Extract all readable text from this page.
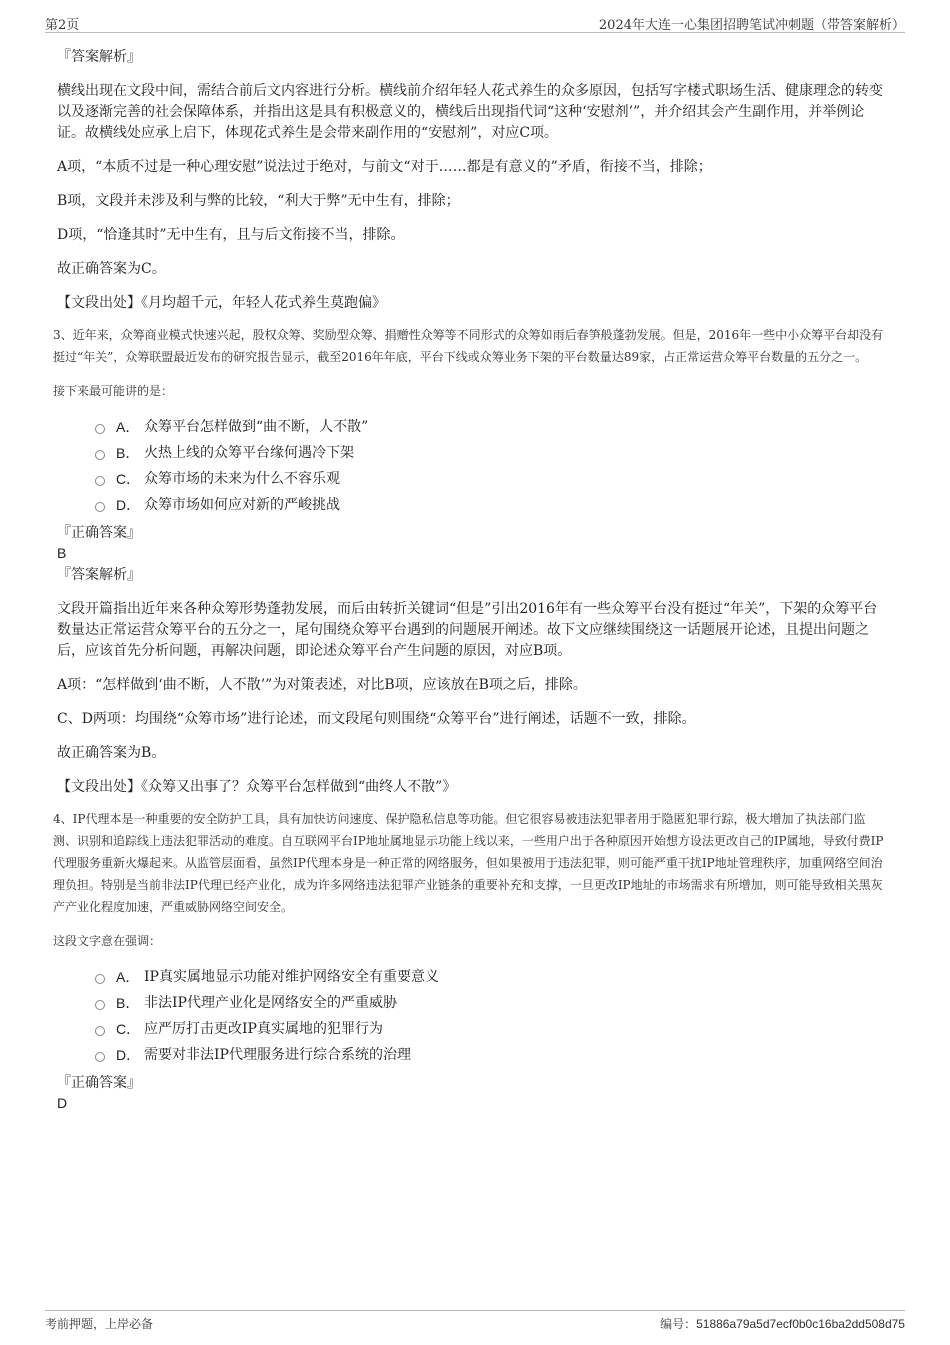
第2页	2024年大连一心集团招聘笔试冲刺题（带答案解析）

『答案解析』

横线出现在文段中间，需结合前后文内容进行分析。横线前介绍年轻人花式养生的众多原因，包括写字楼式职场生活、健康理念的转变以及逐渐完善的社会保障体系，并指出这是具有积极意义的，横线后出现指代词“这种‘安慰剂’”，并介绍其会产生副作用，并举例论证。故横线处应承上启下，体现花式养生是会带来副作用的“安慰剂”，对应C项。

A项，“本质不过是一种心理安慰”说法过于绝对，与前文“对于……都是有意义的”矛盾，衔接不当，排除；

B项，文段并未涉及利与弊的比较，“利大于弊”无中生有，排除；

D项，“恰逢其时”无中生有，且与后文衔接不当，排除。

故正确答案为C。

【文段出处】《月均超千元，年轻人花式养生莫跑偏》

3、近年来，众筹商业模式快速兴起，股权众筹、奖励型众筹、捐赠性众筹等不同形式的众筹如雨后春笋般蓬勃发展。但是，2016年一些中小众筹平台却没有挺过“年关”，众筹联盟最近发布的研究报告显示，截至2016年年底，平台下线或众筹业务下架的平台数量达89家，占正常运营众筹平台数量的五分之一。

接下来最可能讲的是：

A． 众筹平台怎样做到“曲不断，人不散”
B． 火热上线的众筹平台缘何遇冷下架
C． 众筹市场的未来为什么不容乐观
D． 众筹市场如何应对新的严峻挑战

『正确答案』

B

『答案解析』

文段开篇指出近年来各种众筹形势蓬勃发展，而后由转折关键词“但是”引出2016年有一些众筹平台没有挺过“年关”，下架的众筹平台数量达正常运营众筹平台的五分之一，尾句围绕众筹平台遇到的问题展开阐述。故下文应继续围绕这一话题展开论述，且提出问题之后，应该首先分析问题，再解决问题，即论述众筹平台产生问题的原因，对应B项。

A项：“怎样做到‘曲不断，人不散’”为对策表述，对比B项，应该放在B项之后，排除。

C、D两项：均围绕“众筹市场”进行论述，而文段尾句则围绕“众筹平台”进行阐述，话题不一致，排除。

故正确答案为B。

【文段出处】《众筹又出事了？众筹平台怎样做到“曲终人不散”》

4、IP代理本是一种重要的安全防护工具，具有加快访问速度、保护隐私信息等功能。但它很容易被违法犯罪者用于隐匿犯罪行踪，极大增加了执法部门监测、识别和追踪线上违法犯罪活动的难度。自互联网平台IP地址属地显示功能上线以来，一些用户出于各种原因开始想方设法更改自己的IP属地，导致付费IP代理服务重新火爆起来。从监管层面看，虽然IP代理本身是一种正常的网络服务，但如果被用于违法犯罪，则可能严重干扰IP地址管理秩序，加重网络空间治理负担。特别是当前非法IP代理已经产业化，成为许多网络违法犯罪产业链条的重要补充和支撑，一旦更改IP地址的市场需求有所增加，则可能导致相关黑灰产产业化程度加速，严重威胁网络空间安全。

这段文字意在强调：

A． IP真实属地显示功能对维护网络安全有重要意义
B． 非法IP代理产业化是网络安全的严重威胁
C． 应严厉打击更改IP真实属地的犯罪行为
D． 需要对非法IP代理服务进行综合系统的治理

『正确答案』

D

考前押题，上岸必备	编号：51886a79a5d7ecf0b0c16ba2dd508d75
